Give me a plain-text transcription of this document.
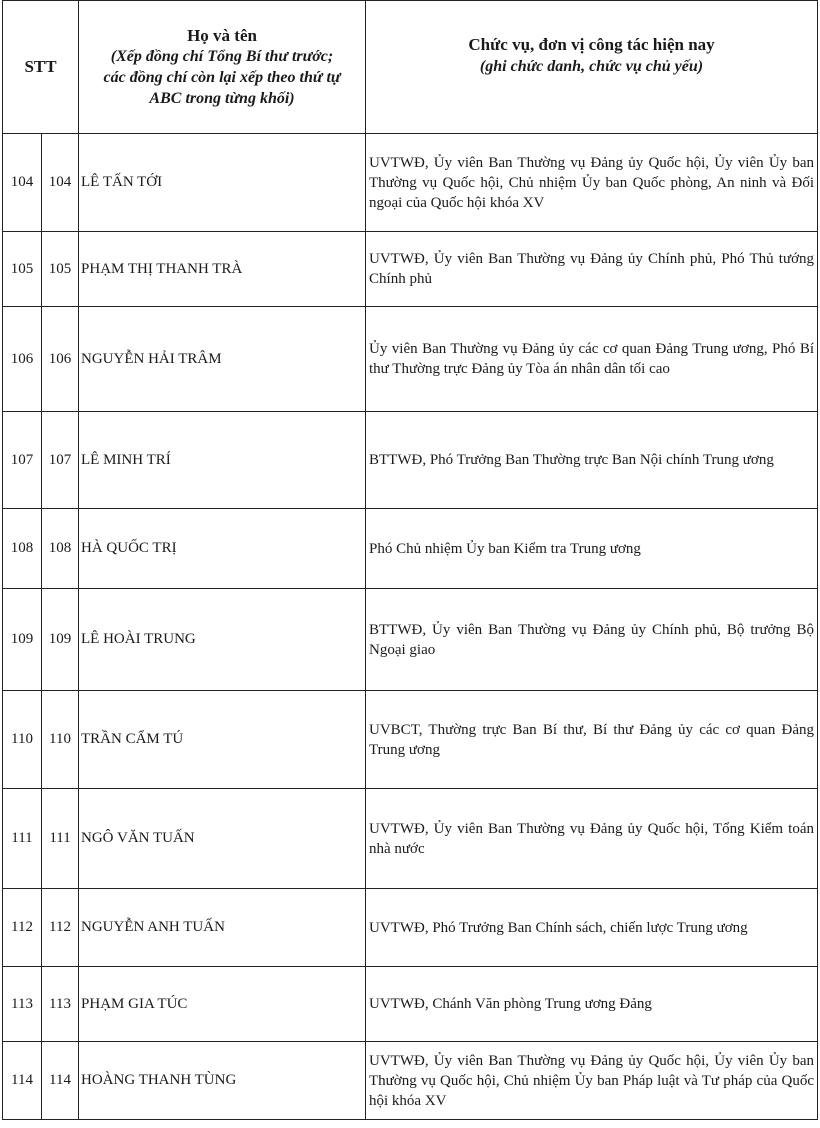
STT		Họ và tên
(Xếp đồng chí Tổng Bí thư trước;
các đồng chí còn lại xếp theo thứ tự
ABC trong từng khối)	Chức vụ, đơn vị công tác hiện nay
(ghi chức danh, chức vụ chủ yếu)

104	104	LÊ TẤN TỚI	UVTWĐ, Ủy viên Ban Thường vụ Đảng ủy Quốc hội, Ủy viên Ủy ban Thường vụ Quốc hội, Chủ nhiệm Ủy ban Quốc phòng, An ninh và Đối ngoại của Quốc hội khóa XV
105	105	PHẠM THỊ THANH TRÀ	UVTWĐ, Ủy viên Ban Thường vụ Đảng ủy Chính phủ, Phó Thủ tướng Chính phủ
106	106	NGUYỄN HẢI TRÂM	Ủy viên Ban Thường vụ Đảng ủy các cơ quan Đảng Trung ương, Phó Bí thư Thường trực Đảng ủy Tòa án nhân dân tối cao
107	107	LÊ MINH TRÍ	BTTWĐ, Phó Trưởng Ban Thường trực Ban Nội chính Trung ương
108	108	HÀ QUỐC TRỊ	Phó Chủ nhiệm Ủy ban Kiểm tra Trung ương
109	109	LÊ HOÀI TRUNG	BTTWĐ, Ủy viên Ban Thường vụ Đảng ủy Chính phủ, Bộ trưởng Bộ Ngoại giao
110	110	TRẦN CẨM TÚ	UVBCT, Thường trực Ban Bí thư, Bí thư Đảng ủy các cơ quan Đảng Trung ương
111	111	NGÔ VĂN TUẤN	UVTWĐ, Ủy viên Ban Thường vụ Đảng ủy Quốc hội, Tổng Kiểm toán nhà nước
112	112	NGUYỄN ANH TUẤN	UVTWĐ, Phó Trưởng Ban Chính sách, chiến lược Trung ương
113	113	PHẠM GIA TÚC	UVTWĐ, Chánh Văn phòng Trung ương Đảng
114	114	HOÀNG THANH TÙNG	UVTWĐ, Ủy viên Ban Thường vụ Đảng ủy Quốc hội, Ủy viên Ủy ban Thường vụ Quốc hội, Chủ nhiệm Ủy ban Pháp luật và Tư pháp của Quốc hội khóa XV
